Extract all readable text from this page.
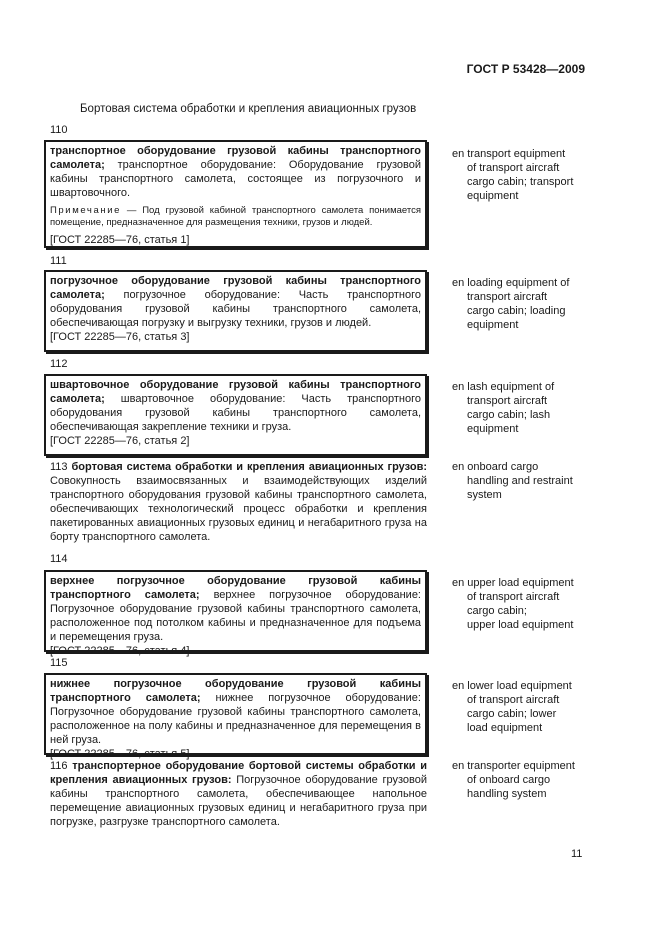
ГОСТ Р 53428—2009
Бортовая система обработки и крепления авиационных грузов
110

транспортное оборудование грузовой кабины транспортного самолета; транспортное оборудование: Оборудование грузовой кабины транспортного самолета, состоящее из погрузочного и швартовочного.

Примечание — Под грузовой кабиной транспортного самолета понимается помещение, предназначенное для размещения техники, грузов и людей.

[ГОСТ 22285—76, статья 1]

en transport equipment
of transport aircraft
cargo cabin; transport
equipment
111

погрузочное оборудование грузовой кабины транспортного самолета; погрузочное оборудование: Часть транспортного оборудования грузовой кабины транспортного самолета, обеспечивающая погрузку и выгрузку техники, грузов и людей.

[ГОСТ 22285—76, статья 3]

en loading equipment of
transport aircraft
cargo cabin; loading
equipment
112

швартовочное оборудование грузовой кабины транспортного самолета; швартовочное оборудование: Часть транспортного оборудования грузовой кабины транспортного самолета, обеспечивающая закрепление техники и груза.

[ГОСТ 22285—76, статья 2]

en lash equipment of
transport aircraft
cargo cabin; lash
equipment

113 бортовая система обработки и крепления авиационных грузов: Совокупность взаимосвязанных и взаимодействующих изделий транспортного оборудования грузовой кабины транспортного самолета, обеспечивающих технологический процесс обработки и крепления пакетированных авиационных грузовых единиц и негабаритного груза на борту транспортного самолета.

en onboard cargo
handling and restraint
system
114

верхнее погрузочное оборудование грузовой кабины транспортного самолета; верхнее погрузочное оборудование: Погрузочное оборудование грузовой кабины транспортного самолета, расположенное под потолком кабины и предназначенное для подъема и перемещения груза.

[ГОСТ 22285—76, статья 4]

en upper load equipment
of transport aircraft
cargo cabin;
upper load equipment
115

нижнее погрузочное оборудование грузовой кабины транспортного самолета; нижнее погрузочное оборудование: Погрузочное оборудование грузовой кабины транспортного самолета, расположенное на полу кабины и предназначенное для перемещения в ней груза.

[ГОСТ 22285—76, статья 5]

en lower load equipment
of transport aircraft
cargo cabin; lower
load equipment

116 транспортерное оборудование бортовой системы обработки и крепления авиационных грузов: Погрузочное оборудование грузовой кабины транспортного самолета, обеспечивающее напольное перемещение авиационных грузовых единиц и негабаритного груза при погрузке, разгрузке транспортного самолета.

en transporter equipment
of onboard cargo
handling system
11
